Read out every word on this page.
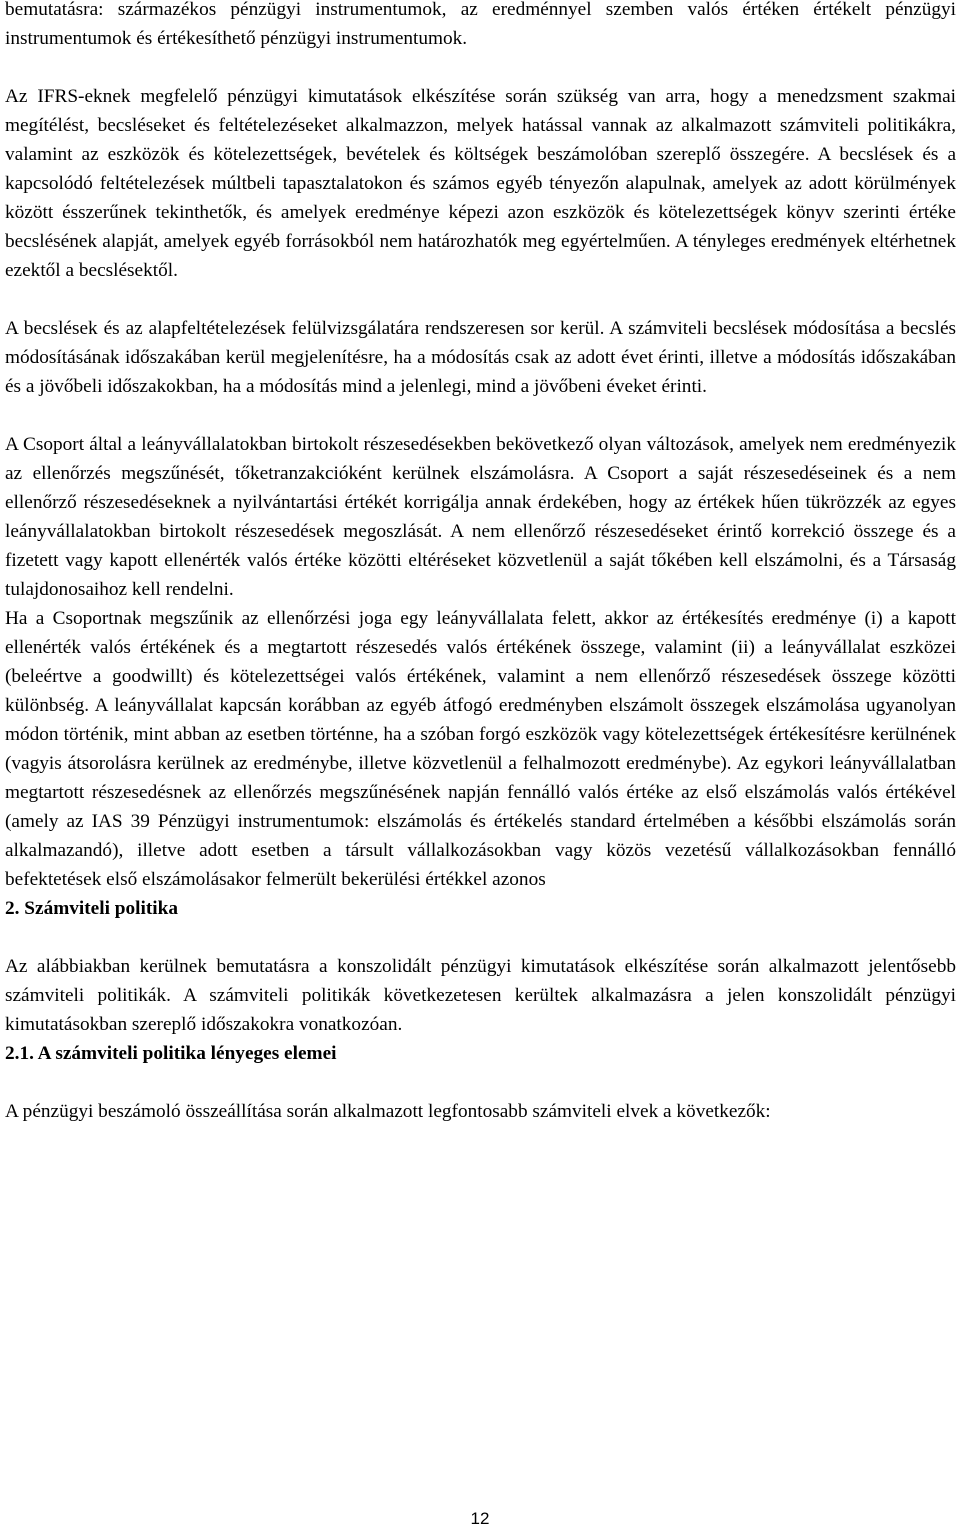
bemutatásra: származékos pénzügyi instrumentumok, az eredménnyel szemben valós értéken értékelt pénzügyi instrumentumok és értékesíthető pénzügyi instrumentumok.

Az IFRS-eknek megfelelő pénzügyi kimutatások elkészítése során szükség van arra, hogy a menedzsment szakmai megítélést, becsléseket és feltételezéseket alkalmazzon, melyek hatással vannak az alkalmazott számviteli politikákra, valamint az eszközök és kötelezettségek, bevételek és költségek beszámolóban szereplő összegére. A becslések és a kapcsolódó feltételezések múltbeli tapasztalatokon és számos egyéb tényezőn alapulnak, amelyek az adott körülmények között ésszerűnek tekinthetők, és amelyek eredménye képezi azon eszközök és kötelezettségek könyv szerinti értéke becslésének alapját, amelyek egyéb forrásokból nem határozhatók meg egyértelműen. A tényleges eredmények eltérhetnek ezektől a becslésektől.

A becslések és az alapfeltételezések felülvizsgálatára rendszeresen sor kerül. A számviteli becslések módosítása a becslés módosításának időszakában kerül megjelenítésre, ha a módosítás csak az adott évet érinti, illetve a módosítás időszakában és a jövőbeli időszakokban, ha a módosítás mind a jelenlegi, mind a jövőbeni éveket érinti.

A Csoport által a leányvállalatokban birtokolt részesedésekben bekövetkező olyan változások, amelyek nem eredményezik az ellenőrzés megszűnését, tőketranzakcióként kerülnek elszámolásra. A Csoport a saját részesedéseinek és a nem ellenőrző részesedéseknek a nyilvántartási értékét korrigálja annak érdekében, hogy az értékek hűen tükrözzék az egyes leányvállalatokban birtokolt részesedések megoszlását. A nem ellenőrző részesedéseket érintő korrekció összege és a fizetett vagy kapott ellenérték valós értéke közötti eltéréseket közvetlenül a saját tőkében kell elszámolni, és a Társaság tulajdonosaihoz kell rendelni.

Ha a Csoportnak megszűnik az ellenőrzési joga egy leányvállalata felett, akkor az értékesítés eredménye (i) a kapott ellenérték valós értékének és a megtartott részesedés valós értékének összege, valamint (ii) a leányvállalat eszközei (beleértve a goodwillt) és kötelezettségei valós értékének, valamint a nem ellenőrző részesedések összege közötti különbség. A leányvállalat kapcsán korábban az egyéb átfogó eredményben elszámolt összegek elszámolása ugyanolyan módon történik, mint abban az esetben történne, ha a szóban forgó eszközök vagy kötelezettségek értékesítésre kerülnének (vagyis átsorolásra kerülnek az eredménybe, illetve közvetlenül a felhalmozott eredménybe). Az egykori leányvállalatban megtartott részesedésnek az ellenőrzés megszűnésének napján fennálló valós értéke az első elszámolás valós értékével (amely az IAS 39 Pénzügyi instrumentumok: elszámolás és értékelés standard értelmében a későbbi elszámolás során alkalmazandó), illetve adott esetben a társult vállalkozásokban vagy közös vezetésű vállalkozásokban fennálló befektetések első elszámolásakor felmerült bekerülési értékkel azonos

2. Számviteli politika

Az alábbiakban kerülnek bemutatásra a konszolidált pénzügyi kimutatások elkészítése során alkalmazott jelentősebb számviteli politikák. A számviteli politikák következetesen kerültek alkalmazásra a jelen konszolidált pénzügyi kimutatásokban szereplő időszakokra vonatkozóan.

2.1. A számviteli politika lényeges elemei

A pénzügyi beszámoló összeállítása során alkalmazott legfontosabb számviteli elvek a következők:

12
